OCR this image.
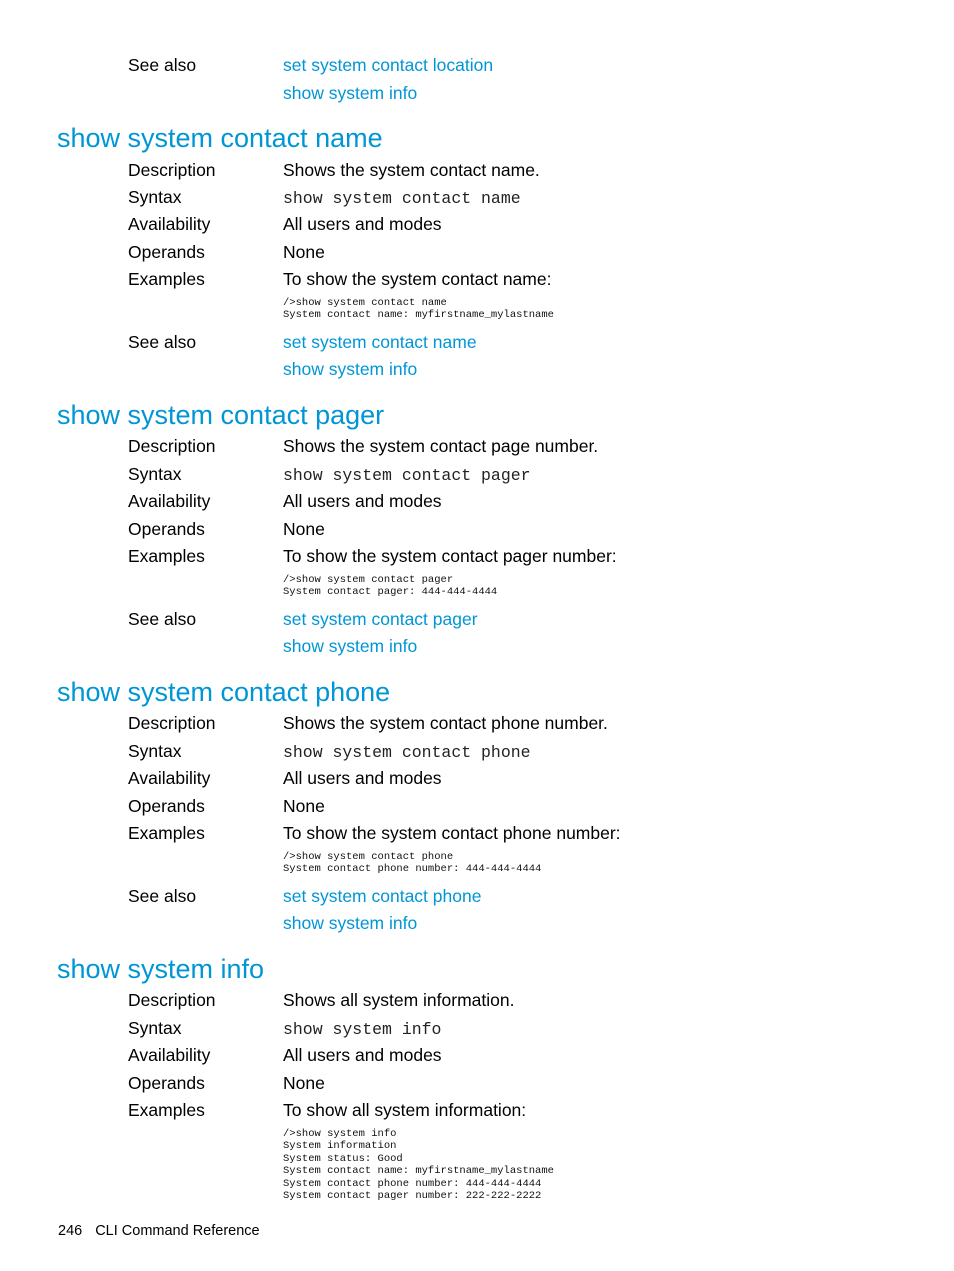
See also	set system contact location
show system info
show system contact name
Description	Shows the system contact name.
Syntax	show system contact name
Availability	All users and modes
Operands	None
Examples	To show the system contact name:
/>show system contact name
System contact name: myfirstname_mylastname
See also	set system contact name
show system info
show system contact pager
Description	Shows the system contact page number.
Syntax	show system contact pager
Availability	All users and modes
Operands	None
Examples	To show the system contact pager number:
/>show system contact pager
System contact pager: 444-444-4444
See also	set system contact pager
show system info
show system contact phone
Description	Shows the system contact phone number.
Syntax	show system contact phone
Availability	All users and modes
Operands	None
Examples	To show the system contact phone number:
/>show system contact phone
System contact phone number: 444-444-4444
See also	set system contact phone
show system info
show system info
Description	Shows all system information.
Syntax	show system info
Availability	All users and modes
Operands	None
Examples	To show all system information:
/>show system info
System information
System status: Good
System contact name: myfirstname_mylastname
System contact phone number: 444-444-4444
System contact pager number: 222-222-2222
246 CLI Command Reference
